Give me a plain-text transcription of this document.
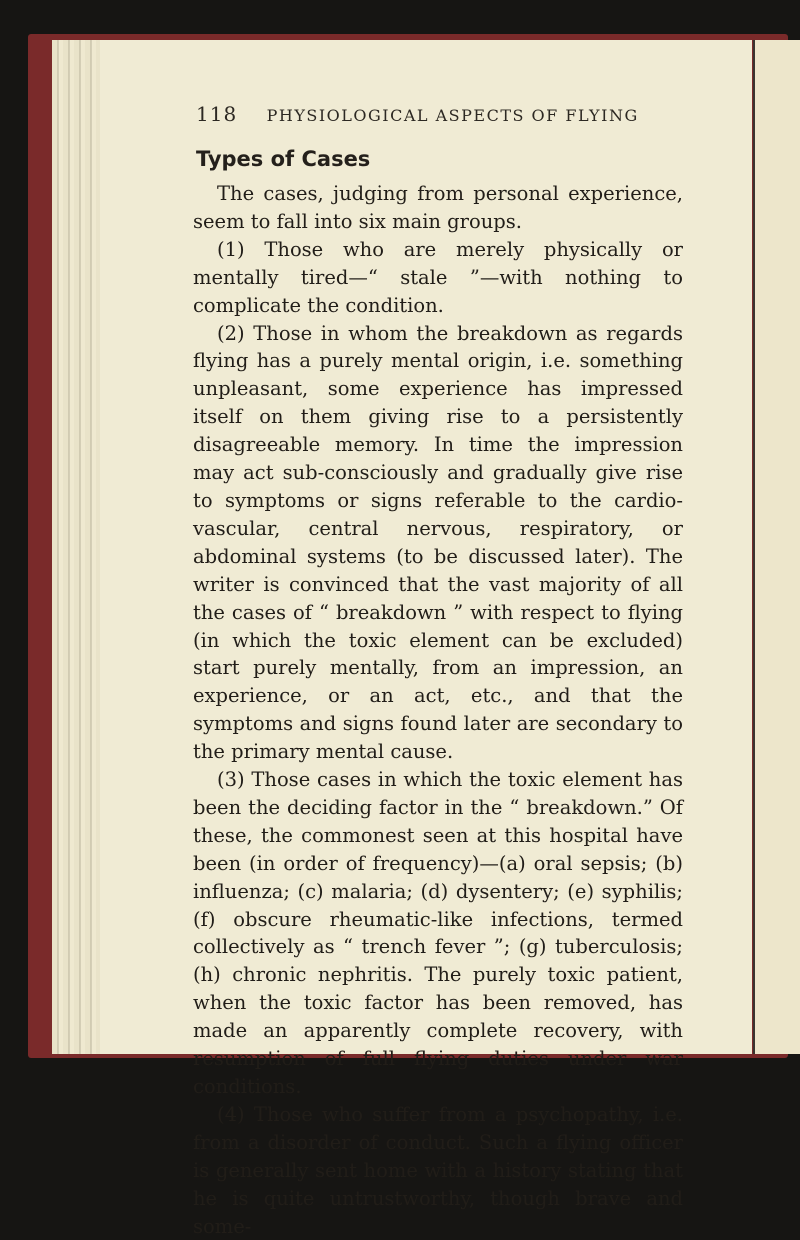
118 PHYSIOLOGICAL ASPECTS OF FLYING
Types of Cases

The cases, judging from personal experience, seem to fall into six main groups.

(1) Those who are merely physically or mentally tired—“ stale ”—with nothing to complicate the condition.

(2) Those in whom the breakdown as regards flying has a purely mental origin, i.e. something unpleasant, some experience has impressed itself on them giving rise to a persistently disagreeable memory. In time the impression may act sub-consciously and gradually give rise to symptoms or signs referable to the cardio-vascular, central nervous, respiratory, or abdominal systems (to be discussed later). The writer is convinced that the vast majority of all the cases of “ breakdown ” with respect to flying (in which the toxic element can be excluded) start purely mentally, from an impression, an experience, or an act, etc., and that the symptoms and signs found later are secondary to the primary mental cause.

(3) Those cases in which the toxic element has been the deciding factor in the “ breakdown.” Of these, the commonest seen at this hospital have been (in order of frequency)—(a) oral sepsis; (b) influenza; (c) malaria; (d) dysentery; (e) syphilis; (f) obscure rheumatic-like infections, termed collectively as “ trench fever ”; (g) tuberculosis; (h) chronic nephritis. The purely toxic patient, when the toxic factor has been removed, has made an apparently complete recovery, with resumption of full flying duties under war conditions.

(4) Those who suffer from a psychopathy, i.e. from a disorder of conduct. Such a flying officer is generally sent home with a history stating that he is quite untrustworthy, though brave and some-
